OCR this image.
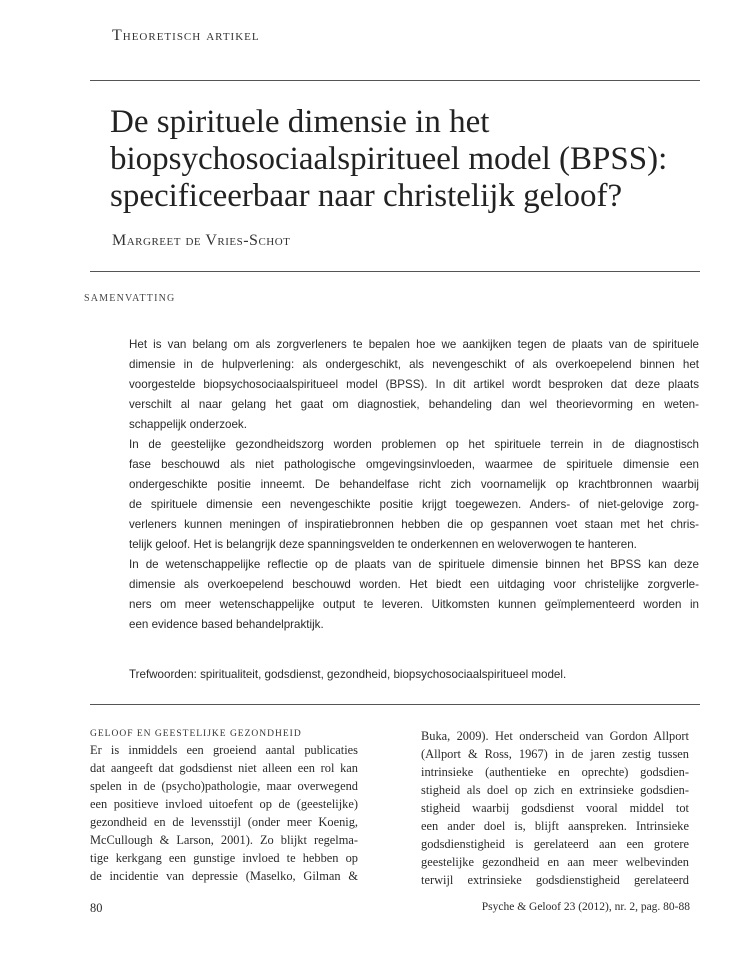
Theoretisch artikel
De spirituele dimensie in het
biopsychosociaalspiritueel model (BPSS):
specificeerbaar naar christelijk geloof?
Margreet de Vries-Schot
SAMENVATTING
Het is van belang om als zorgverleners te bepalen hoe we aankijken tegen de plaats van de spirituele
dimensie in de hulpverlening: als ondergeschikt, als nevengeschikt of als overkoepelend binnen het
voorgestelde biopsychosociaalspiritueel model (BPSS). In dit artikel wordt besproken dat deze plaats
verschilt al naar gelang het gaat om diagnostiek, behandeling dan wel theorievorming en weten-
schappelijk onderzoek.
In de geestelijke gezondheidszorg worden problemen op het spirituele terrein in de diagnostisch
fase beschouwd als niet pathologische omgevingsinvloeden, waarmee de spirituele dimensie een
ondergeschikte positie inneemt. De behandelfase richt zich voornamelijk op krachtbronnen waarbij
de spirituele dimensie een nevengeschikte positie krijgt toegewezen. Anders- of niet-gelovige zorg-
verleners kunnen meningen of inspiratiebronnen hebben die op gespannen voet staan met het chris-
telijk geloof. Het is belangrijk deze spanningsvelden te onderkennen en weloverwogen te hanteren.
In de wetenschappelijke reflectie op de plaats van de spirituele dimensie binnen het BPSS kan deze
dimensie als overkoepelend beschouwd worden. Het biedt een uitdaging voor christelijke zorgverle-
ners om meer wetenschappelijke output te leveren. Uitkomsten kunnen geïmplementeerd worden in
een evidence based behandelpraktijk.
Trefwoorden: spiritualiteit, godsdienst, gezondheid, biopsychosociaalspiritueel model.
GELOOF EN GEESTELIJKE GEZONDHEID
Er is inmiddels een groeiend aantal publicaties
dat aangeeft dat godsdienst niet alleen een rol kan
spelen in de (psycho)pathologie, maar overwegend
een positieve invloed uitoefent op de (geestelijke)
gezondheid en de levensstijl (onder meer Koenig,
McCullough & Larson, 2001). Zo blijkt regelma-
tige kerkgang een gunstige invloed te hebben op
de incidentie van depressie (Maselko, Gilman &
Buka, 2009). Het onderscheid van Gordon Allport
(Allport & Ross, 1967) in de jaren zestig tussen
intrinsieke (authentieke en oprechte) godsdien-
stigheid als doel op zich en extrinsieke godsdien-
stigheid waarbij godsdienst vooral middel tot
een ander doel is, blijft aanspreken. Intrinsieke
godsdienstigheid is gerelateerd aan een grotere
geestelijke gezondheid en aan meer welbevinden
terwijl extrinsieke godsdienstigheid gerelateerd
80	Psyche & Geloof 23 (2012), nr. 2, pag. 80-88
